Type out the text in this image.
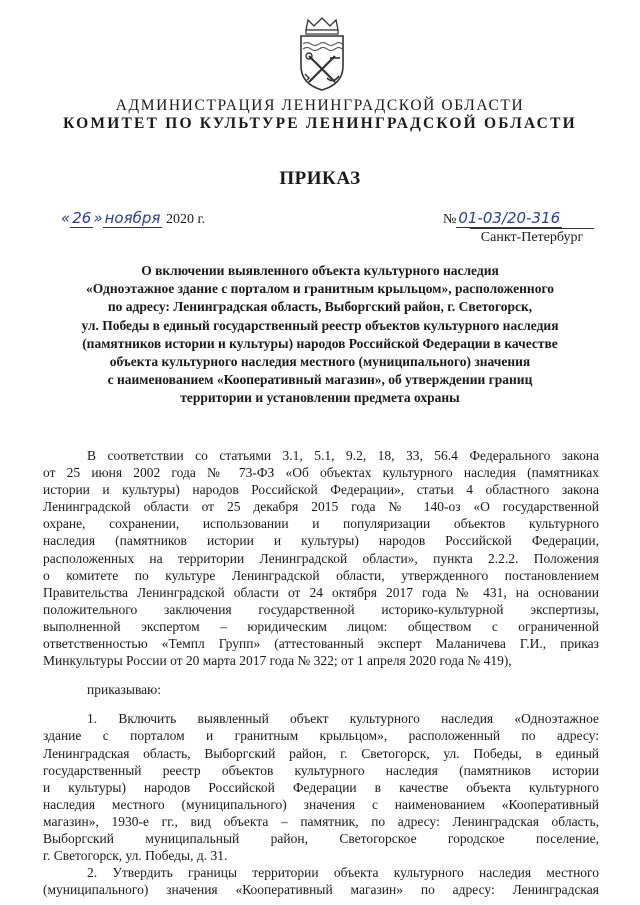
АДМИНИСТРАЦИЯ ЛЕНИНГРАДСКОЙ ОБЛАСТИ
КОМИТЕТ ПО КУЛЬТУРЕ ЛЕНИНГРАДСКОЙ ОБЛАСТИ
ПРИКАЗ
« 26 » ноября 2020 г.	№ 01-03/20-316
Санкт-Петербург
О включении выявленного объекта культурного наследия
«Одноэтажное здание с порталом и гранитным крыльцом», расположенного
по адресу: Ленинградская область, Выборгский район, г. Светогорск,
ул. Победы в единый государственный реестр объектов культурного наследия
(памятников истории и культуры) народов Российской Федерации в качестве
объекта культурного наследия местного (муниципального) значения
с наименованием «Кооперативный магазин», об утверждении границ
территории и установлении предмета охраны
В соответствии со статьями 3.1, 5.1, 9.2, 18, 33, 56.4 Федерального закона
от 25 июня 2002 года № 73-ФЗ «Об объектах культурного наследия (памятниках
истории и культуры) народов Российской Федерации», статьи 4 областного закона
Ленинградской области от 25 декабря 2015 года № 140-оз «О государственной
охране, сохранении, использовании и популяризации объектов культурного
наследия (памятников истории и культуры) народов Российской Федерации,
расположенных на территории Ленинградской области», пункта 2.2.2. Положения
о комитете по культуре Ленинградской области, утвержденного постановлением
Правительства Ленинградской области от 24 октября 2017 года № 431, на основании
положительного заключения государственной историко-культурной экспертизы,
выполненной экспертом – юридическим лицом: обществом с ограниченной
ответственностью «Темпл Групп» (аттестованный эксперт Маланичева Г.И., приказ
Минкультуры России от 20 марта 2017 года № 322; от 1 апреля 2020 года № 419),
приказываю:
1. Включить выявленный объект культурного наследия «Одноэтажное
здание с порталом и гранитным крыльцом», расположенный по адресу:
Ленинградская область, Выборгский район, г. Светогорск, ул. Победы, в единый
государственный реестр объектов культурного наследия (памятников истории
и культуры) народов Российской Федерации в качестве объекта культурного
наследия местного (муниципального) значения с наименованием «Кооперативный
магазин», 1930-е гг., вид объекта – памятник, по адресу: Ленинградская область,
Выборгский муниципальный район, Светогорское городское поселение,
г. Светогорск, ул. Победы, д. 31.
2. Утвердить границы территории объекта культурного наследия местного
(муниципального) значения «Кооперативный магазин» по адресу: Ленинградская
